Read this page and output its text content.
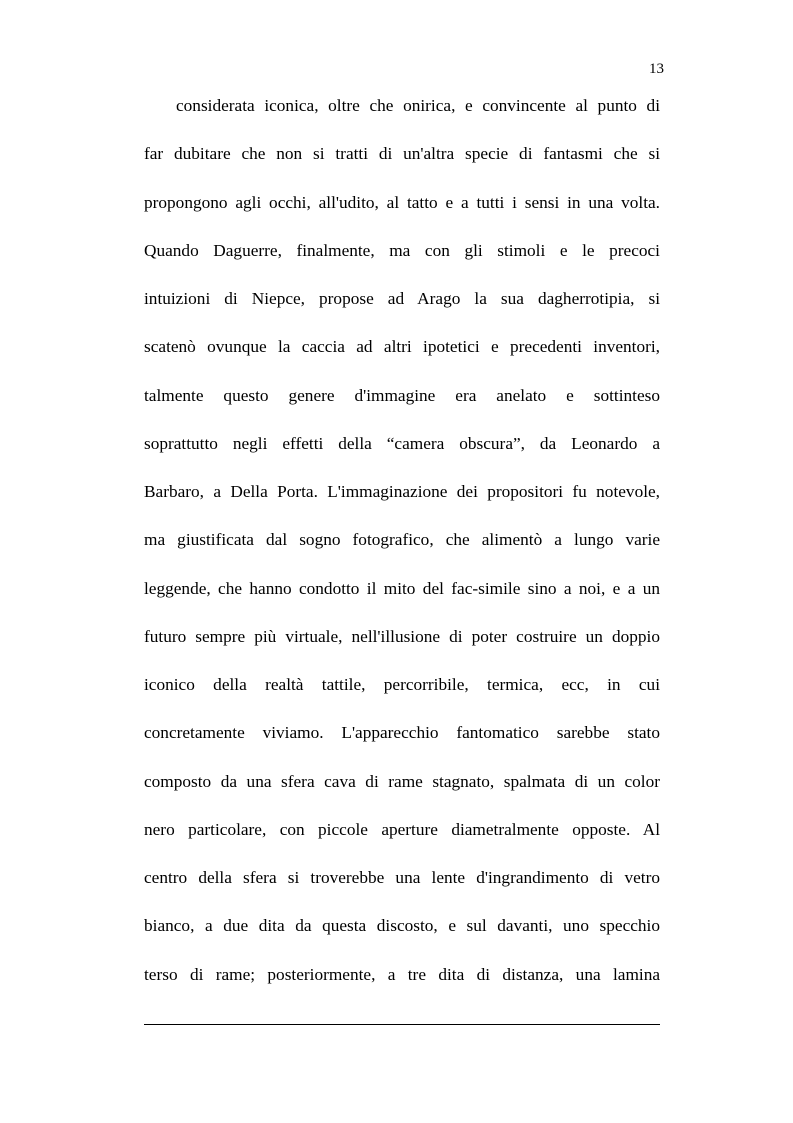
13
considerata iconica, oltre che onirica, e convincente al punto di
far dubitare che non si tratti di un'altra specie di fantasmi che si
propongono agli occhi, all'udito, al tatto e a tutti i sensi in una volta.
Quando Daguerre, finalmente, ma con gli stimoli e le precoci
intuizioni di Niepce, propose ad Arago la sua dagherrotipia, si
scatenò ovunque la caccia ad altri ipotetici e precedenti inventori,
talmente questo genere d'immagine era anelato e sottinteso
soprattutto negli effetti della “camera obscura”, da Leonardo a
Barbaro, a Della Porta. L'immaginazione dei propositori fu notevole,
ma giustificata dal sogno fotografico, che alimentò a lungo varie
leggende, che hanno condotto il mito del fac-simile sino a noi, e a un
futuro sempre più virtuale, nell'illusione di poter costruire un doppio
iconico della realtà tattile, percorribile, termica, ecc, in cui
concretamente viviamo. L'apparecchio fantomatico sarebbe stato
composto da una sfera cava di rame stagnato, spalmata di un color
nero particolare, con piccole aperture diametralmente opposte. Al
centro della sfera si troverebbe una lente d'ingrandimento di vetro
bianco, a due dita da questa discosto, e sul davanti, uno specchio
terso di rame; posteriormente, a tre dita di distanza, una lamina
